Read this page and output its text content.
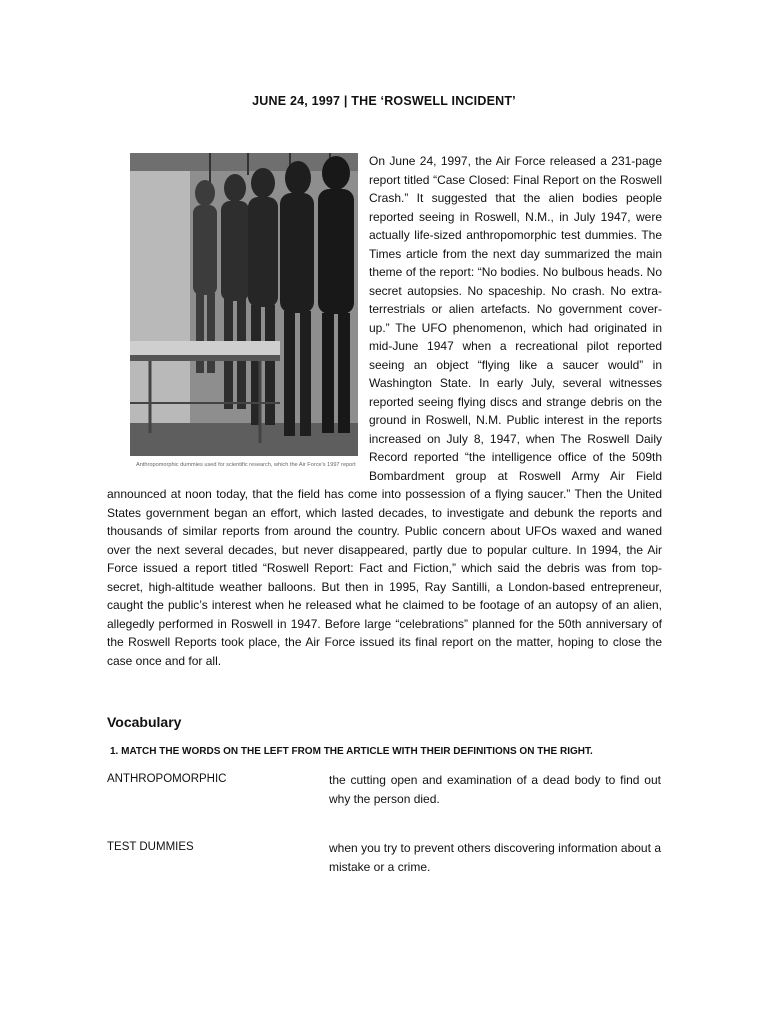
JUNE 24, 1997 | THE ‘ROSWELL INCIDENT’
Anthropomorphic dummies used for scientific research, which the Air Force’s 1997 report
On June 24, 1997, the Air Force released a 231-page report titled “Case Closed: Final Report on the Roswell Crash.” It suggested that the alien bodies people reported seeing in Roswell, N.M., in July 1947, were actually life-sized anthropomorphic test dummies. The Times article from the next day summarized the main theme of the report: “No bodies. No bulbous heads. No secret autopsies. No spaceship. No crash. No extra-terrestrials or alien artefacts. No government cover-up.” The UFO phenomenon, which had originated in mid-June 1947 when a recreational pilot reported seeing an object “flying like a saucer would” in Washington State. In early July, several witnesses reported seeing flying discs and strange debris on the ground in Roswell, N.M. Public interest in the reports increased on July 8, 1947, when The Roswell Daily Record reported “the intelligence office of the 509th Bombardment group at Roswell Army Air Field announced at noon today, that the field has come into possession of a flying saucer.” Then the United States government began an effort, which lasted decades, to investigate and debunk the reports and thousands of similar reports from around the country. Public concern about UFOs waxed and waned over the next several decades, but never disappeared, partly due to popular culture. In 1994, the Air Force issued a report titled “Roswell Report: Fact and Fiction,” which said the debris was from top-secret, high-altitude weather balloons. But then in 1995, Ray Santilli, a London-based entrepreneur, caught the public’s interest when he released what he claimed to be footage of an autopsy of an alien, allegedly performed in Roswell in 1947. Before large “celebrations” planned for the 50th anniversary of the Roswell Reports took place, the Air Force issued its final report on the matter, hoping to close the case once and for all.
Vocabulary
1. MATCH THE WORDS ON THE LEFT FROM THE ARTICLE WITH THEIR DEFINITIONS ON THE RIGHT.
ANTHROPOMORPHIC	the cutting open and examination of a dead body to find out why the person died.
TEST DUMMIES	when you try to prevent others discovering information about a mistake or a crime.
